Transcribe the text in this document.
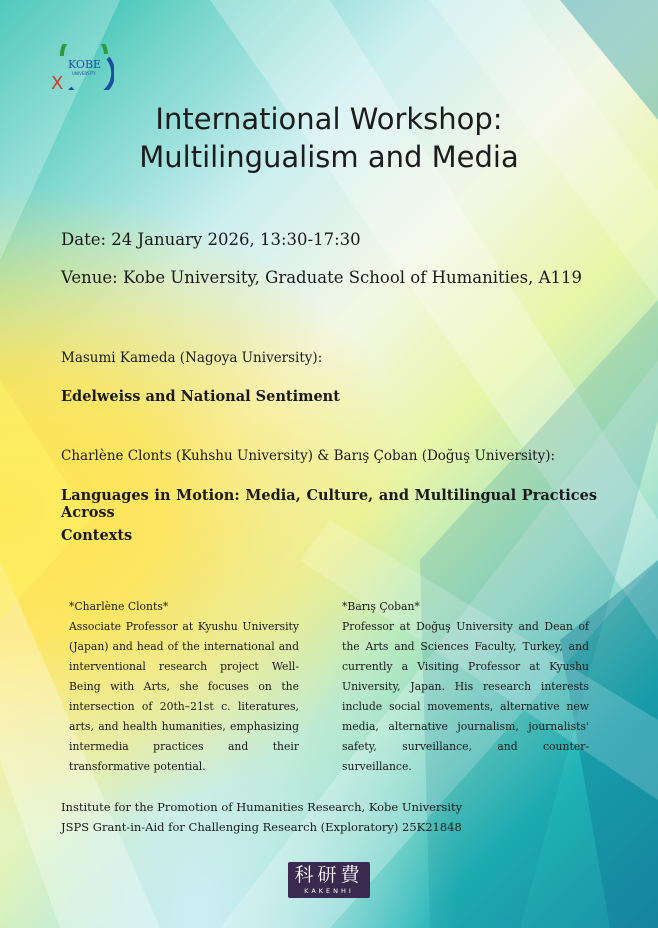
KOBE
UNIVERSITY
X
International Workshop:
Multilingualism and Media
Date: 24 January 2026, 13:30-17:30
Venue: Kobe University, Graduate School of Humanities, A119
Masumi Kameda (Nagoya University):
Edelweiss and National Sentiment
Charlène Clonts (Kuhshu University) & Barış Çoban (Doğuş University):
Languages in Motion: Media, Culture, and Multilingual Practices Across
Contexts
*Charlène Clonts*
Associate Professor at Kyushu University (Japan) and head of the international and interventional research project Well-Being with Arts, she focuses on the intersection of 20th–21st c. literatures, arts, and health humanities, emphasizing intermedia practices and their transformative potential.
*Barış Çoban*
Professor at Doğuş University and Dean of the Arts and Sciences Faculty, Turkey, and currently a Visiting Professor at Kyushu University, Japan. His research interests include social movements, alternative new media, alternative journalism, journalists' safety, surveillance, and counter-surveillance.
Institute for the Promotion of Humanities Research, Kobe University
JSPS Grant-in-Aid for Challenging Research (Exploratory) 25K21848
科研費
KAKENHI
